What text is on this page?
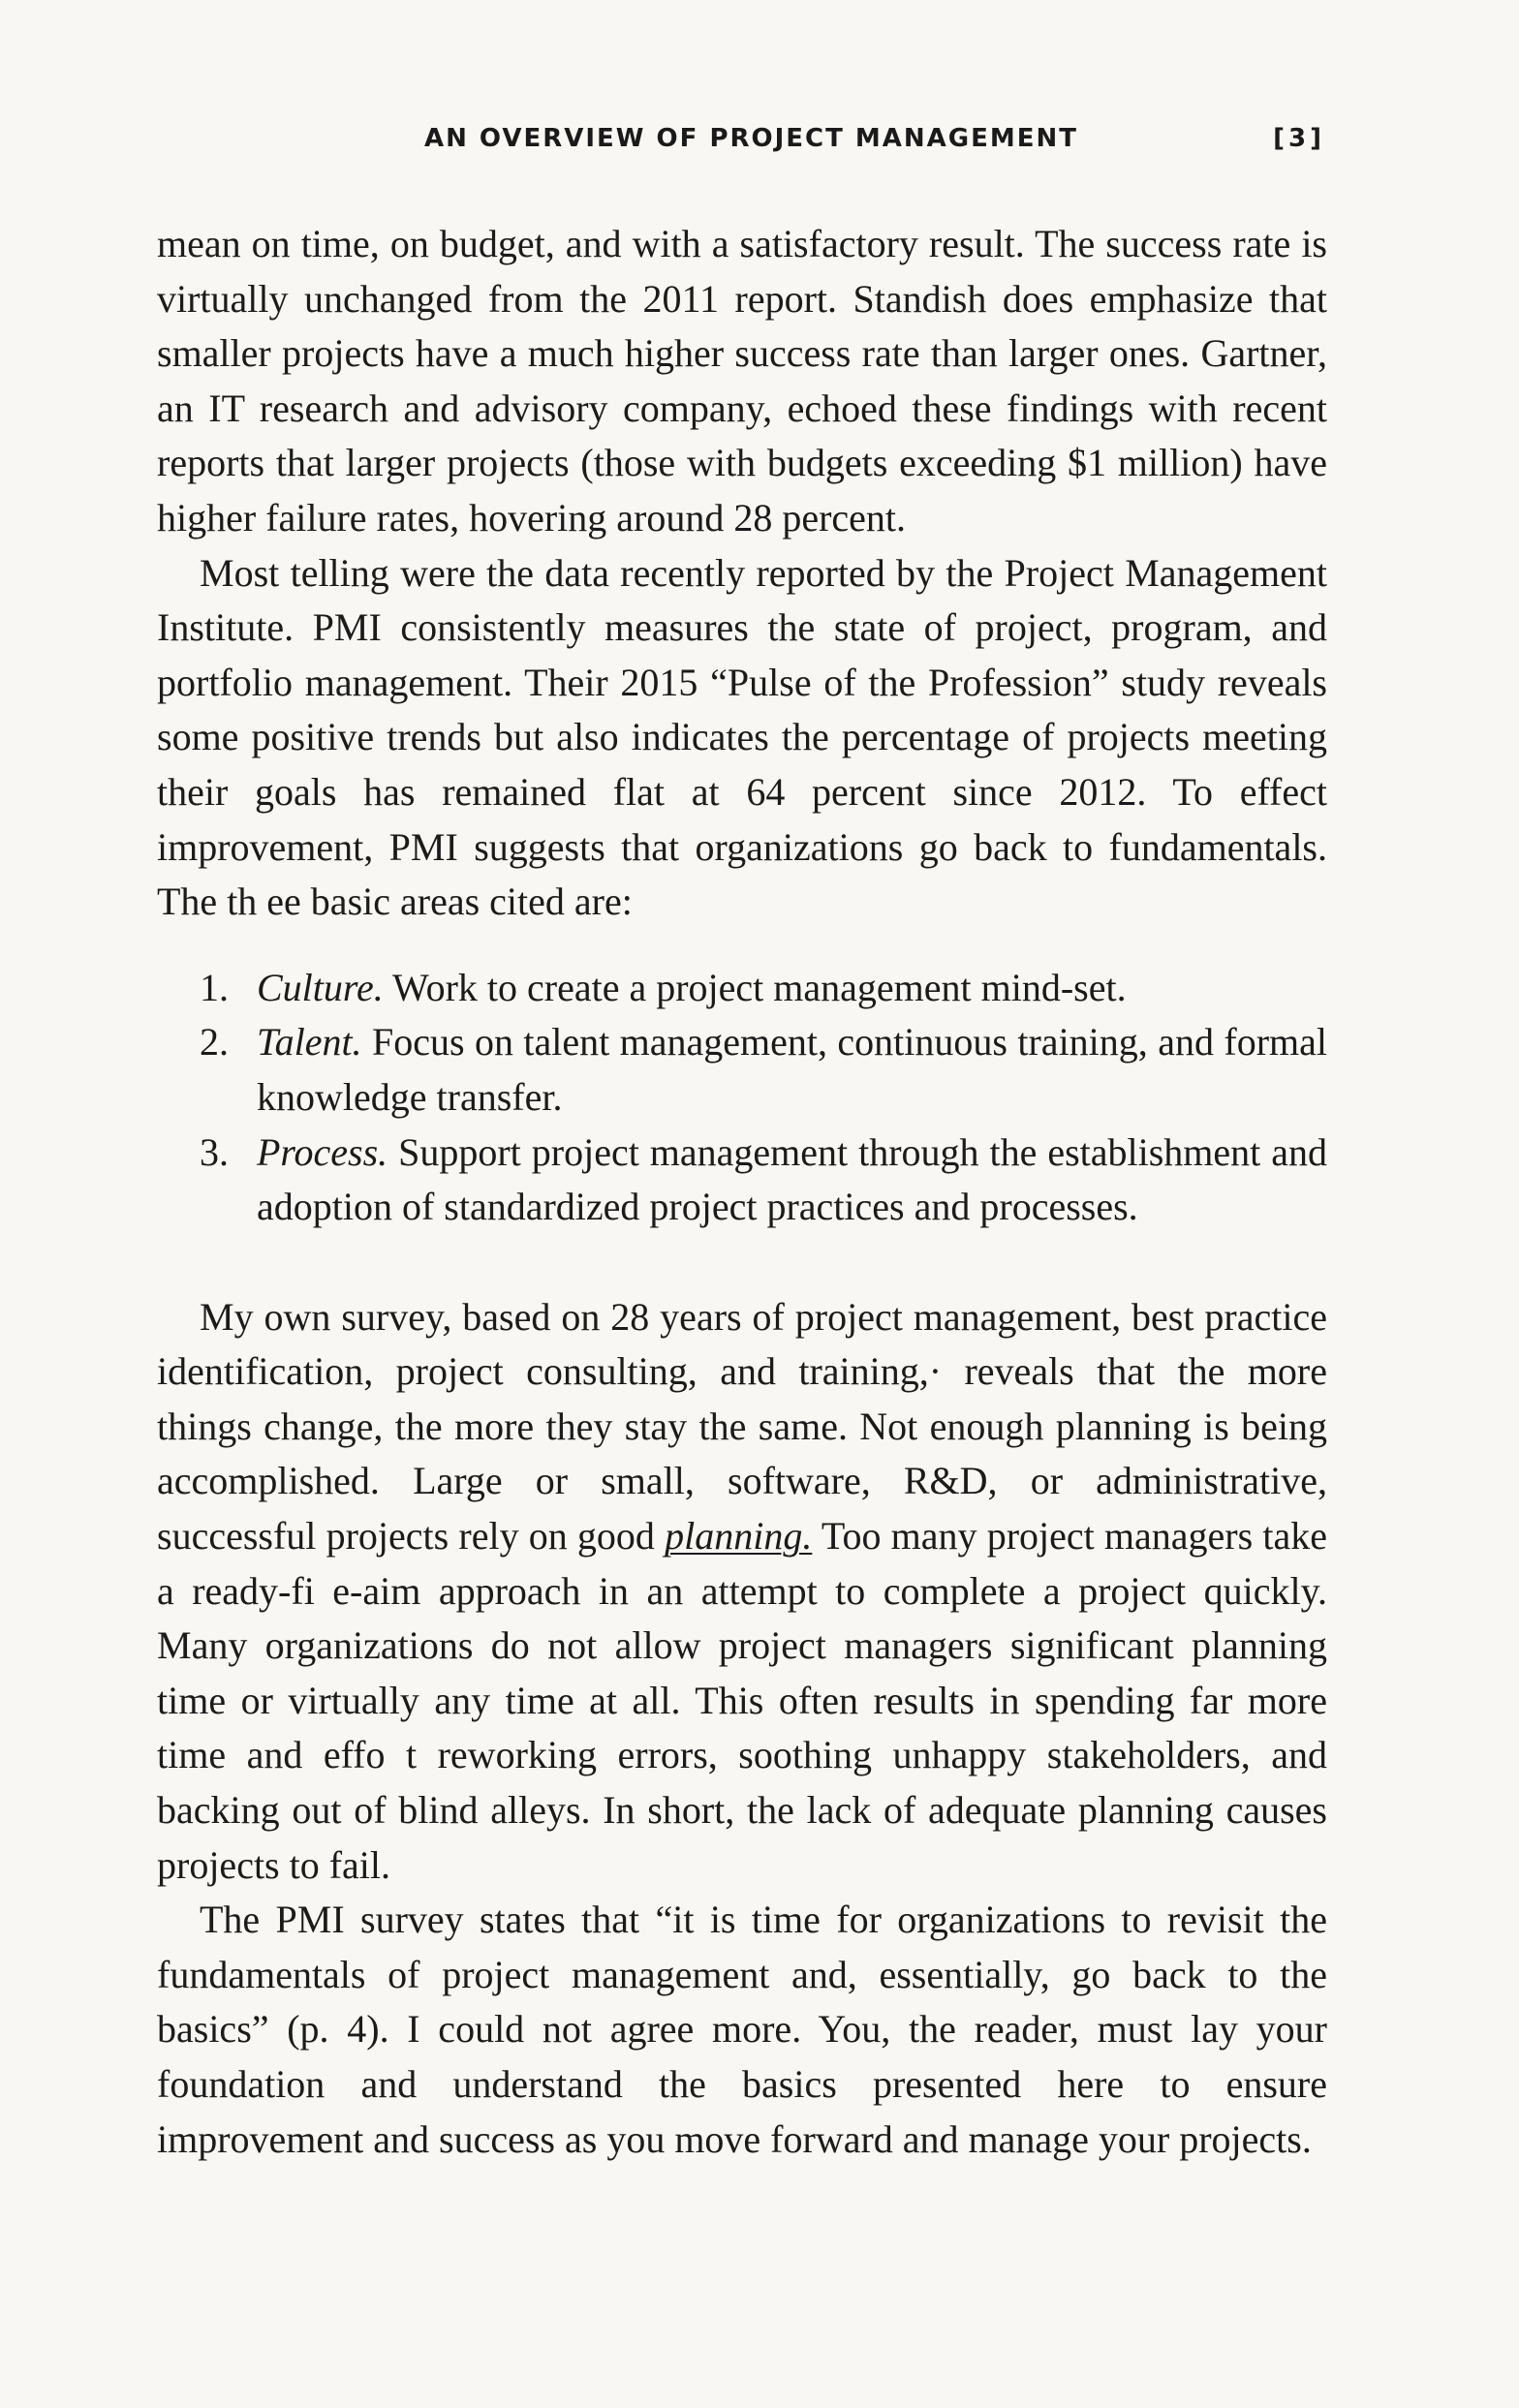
AN OVERVIEW OF PROJECT MANAGEMENT	[3]

mean on time, on budget, and with a satisfactory result. The success rate is virtually unchanged from the 2011 report. Standish does emphasize that smaller projects have a much higher success rate than larger ones. Gartner, an IT research and advisory company, echoed these findings with recent reports that larger projects (those with budgets exceeding $1 million) have higher failure rates, hovering around 28 percent.

Most telling were the data recently reported by the Project Management Institute. PMI consistently measures the state of project, program, and portfolio management. Their 2015 “Pulse of the Profession” study reveals some positive trends but also indicates the percentage of projects meeting their goals has remained flat at 64 percent since 2012. To effect improvement, PMI suggests that organizations go back to fundamentals. The th ee basic areas cited are:

1. Culture. Work to create a project management mind-set.
2. Talent. Focus on talent management, continuous training, and formal knowledge transfer.
3. Process. Support project management through the establishment and adoption of standardized project practices and processes.

My own survey, based on 28 years of project management, best practice identification, project consulting, and training,· reveals that the more things change, the more they stay the same. Not enough planning is being accomplished. Large or small, software, R&D, or administrative, successful projects rely on good planning. Too many project managers take a ready-fi e-aim approach in an attempt to complete a project quickly. Many organizations do not allow project managers significant planning time or virtually any time at all. This often results in spending far more time and effo t reworking errors, soothing unhappy stakeholders, and backing out of blind alleys. In short, the lack of adequate planning causes projects to fail.

The PMI survey states that “it is time for organizations to revisit the fundamentals of project management and, essentially, go back to the basics” (p. 4). I could not agree more. You, the reader, must lay your foundation and understand the basics presented here to ensure improvement and success as you move forward and manage your projects.
